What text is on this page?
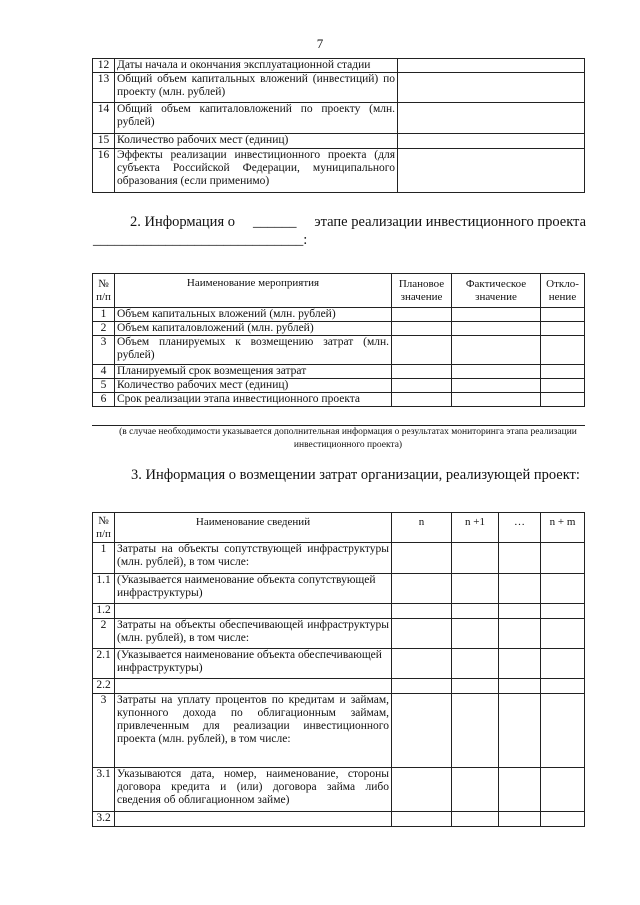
7
12	Даты начала и окончания эксплуатационной стадии	
13	Общий объем капитальных вложений (инвестиций) по проекту (млн. рублей)	
14	Общий объем капиталовложений по проекту (млн. рублей)	
15	Количество рабочих мест (единиц)	
16	Эффекты реализации инвестиционного проекта (для субъекта Российской Федерации, муниципального образования (если применимо)	
2. Информация о ______ этапе реализации инвестиционного проекта
_____________________________:
№ п/п	Наименование мероприятия	Плановое значение	Фактическое значение	Откло-нение
1	Объем капитальных вложений (млн. рублей)			
2	Объем капиталовложений (млн. рублей)			
3	Объем планируемых к возмещению затрат (млн. рублей)			
4	Планируемый срок возмещения затрат			
5	Количество рабочих мест (единиц)			
6	Срок реализации этапа инвестиционного проекта			
(в случае необходимости указывается дополнительная информация о результатах мониторинга этапа реализации инвестиционного проекта)
3. Информация о возмещении затрат организации, реализующей проект:
№ п/п	Наименование сведений	n	n +1	…	n + m
1	Затраты на объекты сопутствующей инфраструктуры (млн. рублей), в том числе:				
1.1	(Указывается наименование объекта сопутствующей инфраструктуры)				
1.2					
2	Затраты на объекты обеспечивающей инфраструктуры (млн. рублей), в том числе:				
2.1	(Указывается наименование объекта обеспечивающей инфраструктуры)				
2.2					
3	Затраты на уплату процентов по кредитам и займам, купонного дохода по облигационным займам, привлеченным для реализации инвестиционного проекта (млн. рублей), в том числе:				
3.1	Указываются дата, номер, наименование, стороны договора кредита и (или) договора займа либо сведения об облигационном займе)				
3.2					
